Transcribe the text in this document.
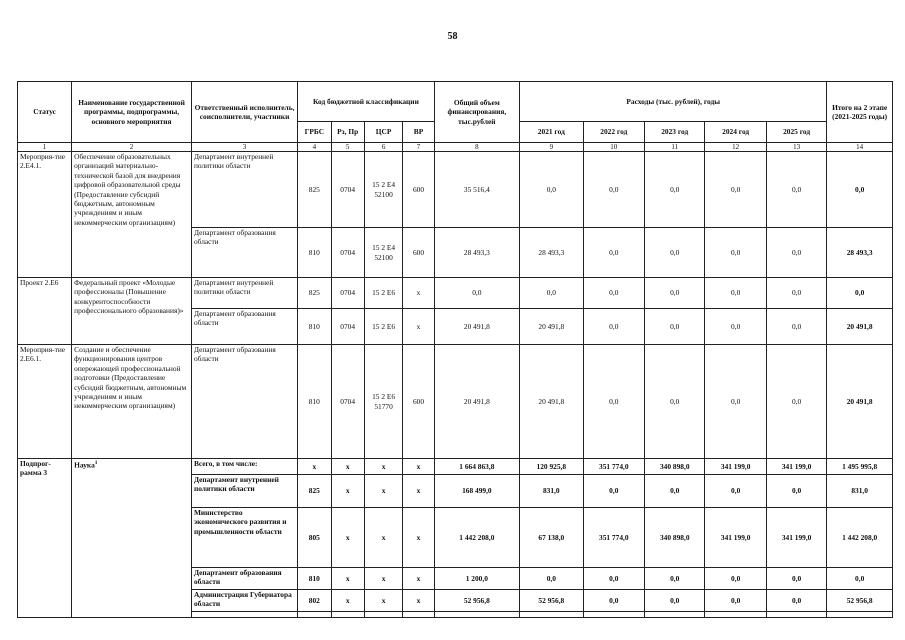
58
Статус	Наименование государственной программы, подпрограммы, основного мероприятия	Ответственный исполнитель, соисполнители, участники	Код бюджетной классификации				Общий объем финансирования, тыс.рублей	Расходы (тыс. рублей), годы					Итого на 2 этапе (2021-2025 годы)
			ГРБС	Рз, Пр	ЦСР	ВР		2021 год	2022 год	2023 год	2024 год	2025 год	
1	2	3	4	5	6	7	8	9	10	11	12	13	14
Мероприя-тие 2.Е4.1.	Обеспечение образовательных организаций материально-технической базой для внедрения цифровой образовательной среды (Предоставление субсидий бюджетным, автономным учреждениям и иным некоммерческим организациям)	Департамент внутренней политики области	825	0704	15 2 Е4 52100	600	35 516,4	0,0	0,0	0,0	0,0	0,0	0,0
		Департамент образования области	810	0704	15 2 Е4 52100	600	28 493,3	28 493,3	0,0	0,0	0,0	0,0	28 493,3
Проект 2.Е6	Федеральный проект «Молодые профессионалы (Повышение конкурентоспособности профессионального образования)»	Департамент внутренней политики области	825	0704	15 2 Е6	х	0,0	0,0	0,0	0,0	0,0	0,0	0,0
		Департамент образования области	810	0704	15 2 Е6	х	20 491,8	20 491,8	0,0	0,0	0,0	0,0	20 491,8
Мероприя-тие 2.Е6.1.	Создание и обеспечение функционирования центров опережающей профессиональной подготовки (Предоставление субсидий бюджетным, автономным учреждениям и иным некоммерческим организациям)	Департамент образования области	810	0704	15 2 Е6 51770	600	20 491,8	20 491,8	0,0	0,0	0,0	0,0	20 491,8
Подпрог-рамма 3	Наука$^1$	Всего, в том числе:	х	х	х	х	1 664 863,8	120 925,8	351 774,0	340 898,0	341 199,0	341 199,0	1 495 995,8
		Департамент внутренней политики области	825	х	х	х	168 499,0	831,0	0,0	0,0	0,0	0,0	831,0
		Министерство экономического развития и промышленности области	805	х	х	х	1 442 208,0	67 138,0	351 774,0	340 898,0	341 199,0	341 199,0	1 442 208,0
		Департамент образования области	810	х	х	х	1 200,0	0,0	0,0	0,0	0,0	0,0	0,0
		Администрация Губернатора области	802	х	х	х	52 956,8	52 956,8	0,0	0,0	0,0	0,0	52 956,8
